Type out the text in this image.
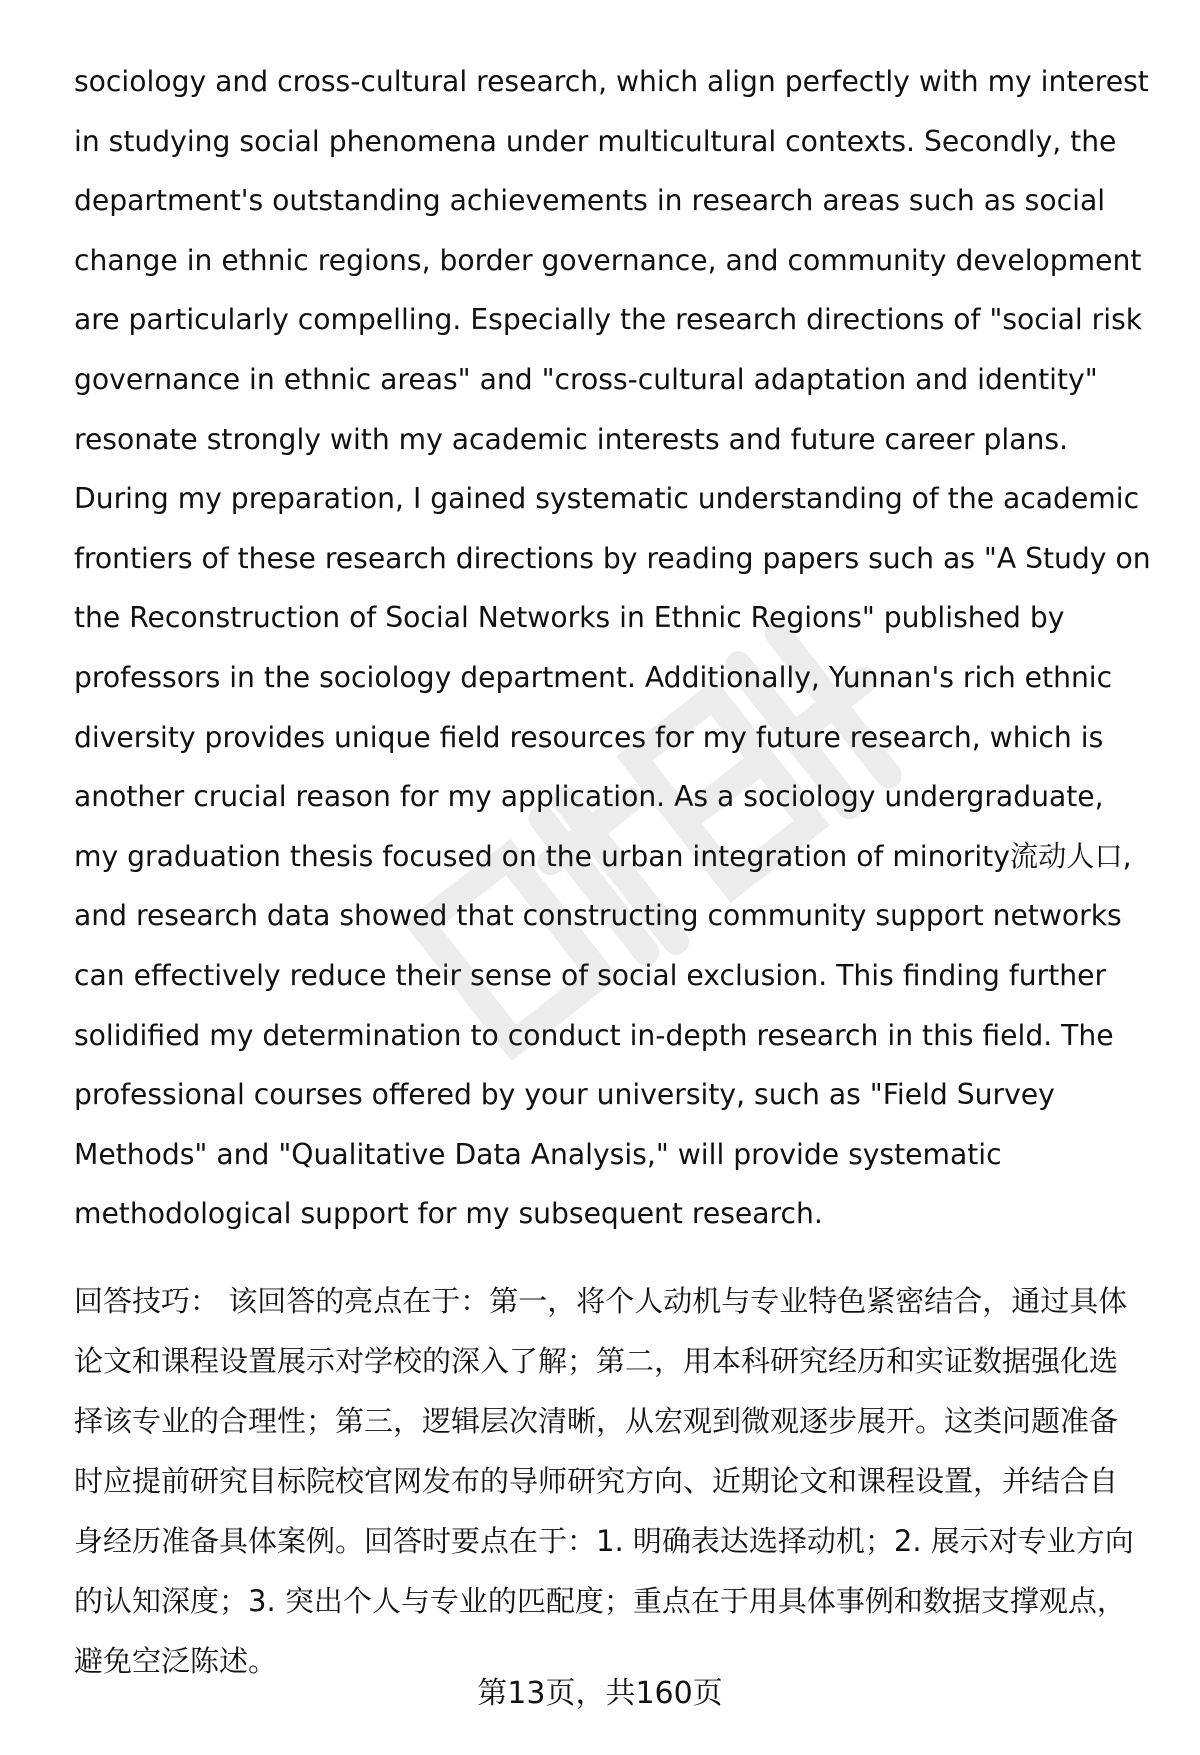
sociology and cross-cultural research, which align perfectly with my interest
in studying social phenomena under multicultural contexts. Secondly, the
department's outstanding achievements in research areas such as social
change in ethnic regions, border governance, and community development
are particularly compelling. Especially the research directions of "social risk
governance in ethnic areas" and "cross-cultural adaptation and identity"
resonate strongly with my academic interests and future career plans.
During my preparation, I gained systematic understanding of the academic
frontiers of these research directions by reading papers such as "A Study on
the Reconstruction of Social Networks in Ethnic Regions" published by
professors in the sociology department. Additionally, Yunnan's rich ethnic
diversity provides unique field resources for my future research, which is
another crucial reason for my application. As a sociology undergraduate,
my graduation thesis focused on the urban integration of minority流动人口,
and research data showed that constructing community support networks
can effectively reduce their sense of social exclusion. This finding further
solidified my determination to conduct in-depth research in this field. The
professional courses offered by your university, such as "Field Survey
Methods" and "Qualitative Data Analysis," will provide systematic
methodological support for my subsequent research.
回答技巧： 该回答的亮点在于：第一，将个人动机与专业特色紧密结合，通过具体
论文和课程设置展示对学校的深入了解；第二，用本科研究经历和实证数据强化选
择该专业的合理性；第三，逻辑层次清晰，从宏观到微观逐步展开。这类问题准备
时应提前研究目标院校官网发布的导师研究方向、近期论文和课程设置，并结合自
身经历准备具体案例。回答时要点在于：1. 明确表达选择动机；2. 展示对专业方向
的认知深度；3. 突出个人与专业的匹配度；重点在于用具体事例和数据支撑观点，
避免空泛陈述。
第13页，共160页
